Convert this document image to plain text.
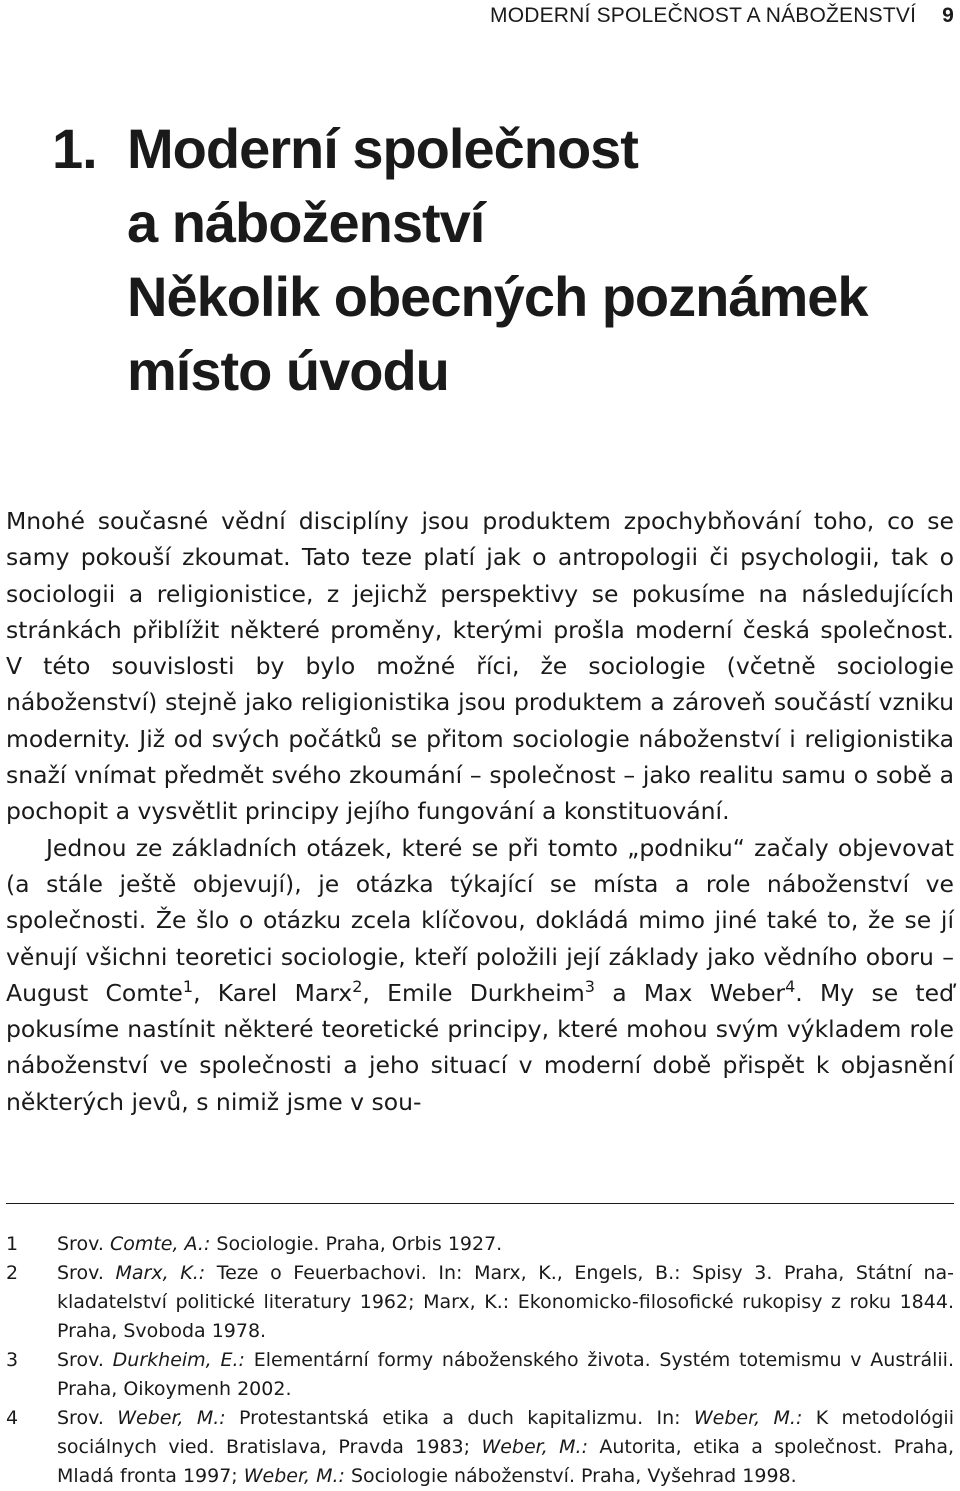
MODERNÍ SPOLEČNOST A NÁBOŽENSTVÍ 9
1. Moderní společnost
a náboženství
Několik obecných poznámek
místo úvodu

Mnohé současné vědní disciplíny jsou produktem zpochybňování toho, co se samy pokouší zkoumat. Tato teze platí jak o antropologii či psychologii, tak o sociologii a religionistice, z jejichž perspektivy se pokusíme na následujících stránkách přiblížit některé proměny, kterými prošla moderní česká společnost. V této souvislosti by bylo možné říci, že sociologie (včetně sociologie náboženství) stejně jako religionistika jsou produktem a zároveň součástí vzniku modernity. Již od svých počátků se přitom sociologie náboženství i religionistika snaží vnímat předmět svého zkoumání – společnost – jako realitu samu o sobě a pochopit a vysvětlit principy jejího fungování a konstituování.

Jednou ze základních otázek, které se při tomto „podniku“ začaly objevovat (a stále ještě objevují), je otázka týkající se místa a role náboženství ve společnosti. Že šlo o otázku zcela klíčovou, dokládá mimo jiné také to, že se jí věnují všichni teoretici sociologie, kteří položili její základy jako vědního oboru – August Comte$^1$, Karel Marx$^2$, Emile Durkheim$^3$ a Max Weber$^4$. My se teď pokusíme nastínit některé teoretické principy, které mohou svým výkladem role náboženství ve společnosti a jeho situací v moderní době přispět k objasnění některých jevů, s nimiž jsme v sou-

1	Srov. Comte, A.: Sociologie. Praha, Orbis 1927.
2	Srov. Marx, K.: Teze o Feuerbachovi. In: Marx, K., Engels, B.: Spisy 3. Praha, Státní nakladatelství politické literatury 1962; Marx, K.: Ekonomicko-filosofické rukopisy z roku 1844. Praha, Svoboda 1978.
3	Srov. Durkheim, E.: Elementární formy náboženského života. Systém totemismu v Austrálii. Praha, Oikoymenh 2002.
4	Srov. Weber, M.: Protestantská etika a duch kapitalizmu. In: Weber, M.: K metodológii sociálnych vied. Bratislava, Pravda 1983; Weber, M.: Autorita, etika a společnost. Praha, Mladá fronta 1997; Weber, M.: Sociologie náboženství. Praha, Vyšehrad 1998.
